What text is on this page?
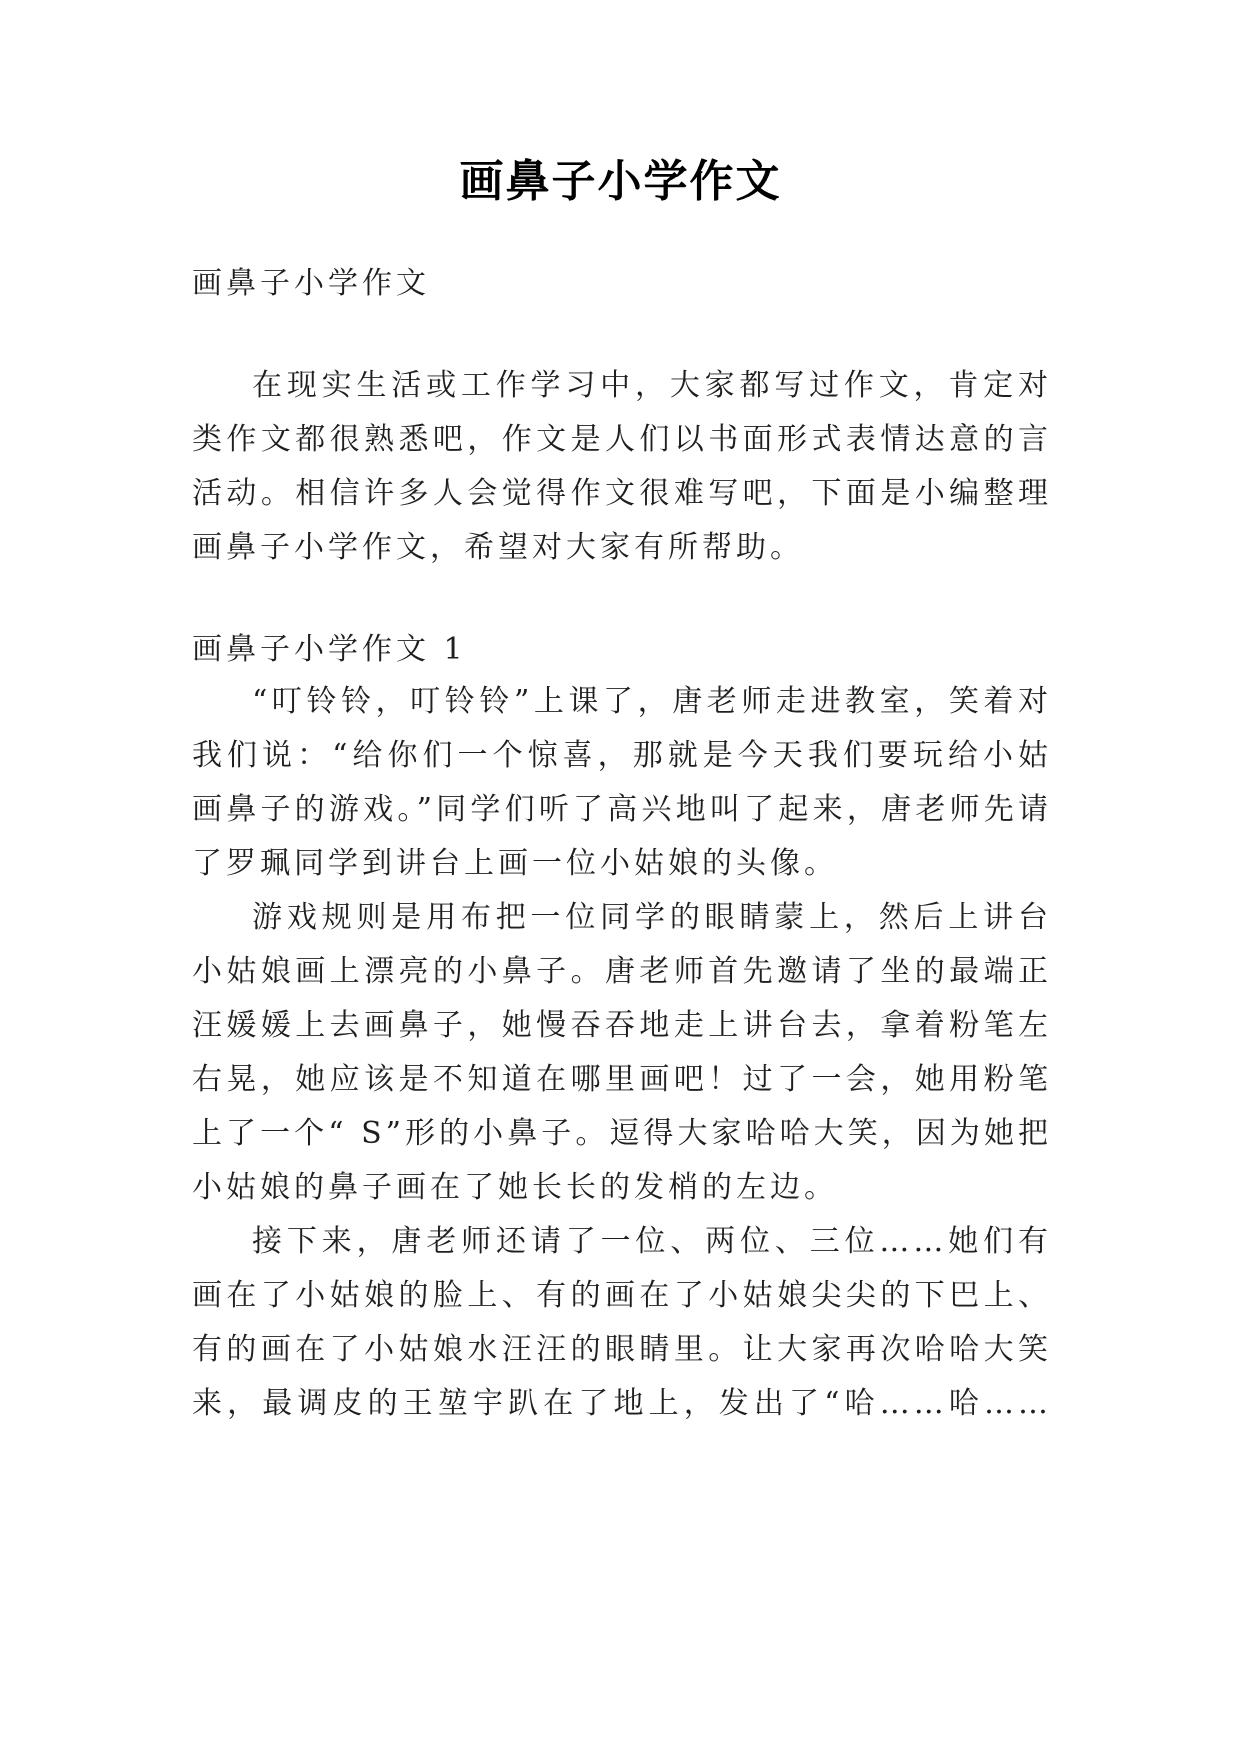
画鼻子小学作文
画鼻子小学作文
在现实生活或工作学习中，大家都写过作文，肯定对
类作文都很熟悉吧，作文是人们以书面形式表情达意的言
活动。相信许多人会觉得作文很难写吧，下面是小编整理
画鼻子小学作文，希望对大家有所帮助。
画鼻子小学作文 1
“叮铃铃，叮铃铃”上课了，唐老师走进教室，笑着对
我们说：“给你们一个惊喜，那就是今天我们要玩给小姑
画鼻子的游戏。”同学们听了高兴地叫了起来，唐老师先请
了罗珮同学到讲台上画一位小姑娘的头像。
游戏规则是用布把一位同学的眼睛蒙上，然后上讲台
小姑娘画上漂亮的小鼻子。唐老师首先邀请了坐的最端正
汪媛媛上去画鼻子，她慢吞吞地走上讲台去，拿着粉笔左
右晃，她应该是不知道在哪里画吧！过了一会，她用粉笔
上了一个“ S”形的小鼻子。逗得大家哈哈大笑，因为她把
小姑娘的鼻子画在了她长长的发梢的左边。
接下来，唐老师还请了一位、两位、三位……她们有
画在了小姑娘的脸上、有的画在了小姑娘尖尖的下巴上、
有的画在了小姑娘水汪汪的眼睛里。让大家再次哈哈大笑
来，最调皮的王堃宇趴在了地上，发出了“哈……哈……
